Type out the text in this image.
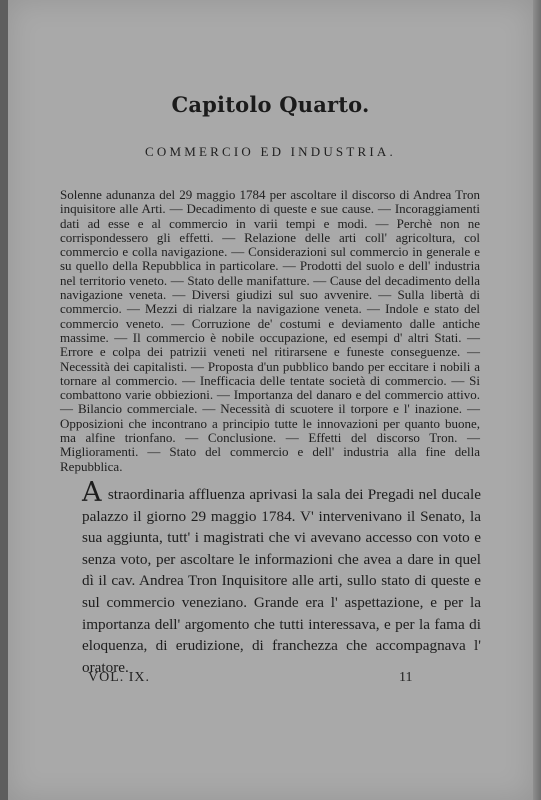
Capitolo Quarto.
COMMERCIO ED INDUSTRIA.

Solenne adunanza del 29 maggio 1784 per ascoltare il discorso di Andrea Tron inquisitore alle Arti. — Decadimento di queste e sue cause. — Incoraggiamenti dati ad esse e al commercio in varii tempi e modi. — Perchè non ne corrispondessero gli effetti. — Relazione delle arti coll' agricoltura, col commercio e colla navigazione. — Considerazioni sul commercio in generale e su quello della Repubblica in particolare. — Prodotti del suolo e dell' industria nel territorio veneto. — Stato delle manifatture. — Cause del decadimento della navigazione veneta. — Diversi giudizi sul suo avvenire. — Sulla libertà di commercio. — Mezzi di rialzare la navigazione veneta. — Indole e stato del commercio veneto. — Corruzione de' costumi e deviamento dalle antiche massime. — Il commercio è nobile occupazione, ed esempi d' altri Stati. — Errore e colpa dei patrizii veneti nel ritirarsene e funeste conseguenze. — Necessità dei capitalisti. — Proposta d'un pubblico bando per eccitare i nobili a tornare al commercio. — Inefficacia delle tentate società di commercio. — Si combattono varie obbiezioni. — Importanza del danaro e del commercio attivo. — Bilancio commerciale. — Necessità di scuotere il torpore e l' inazione. — Opposizioni che incontrano a principio tutte le innovazioni per quanto buone, ma alfine trionfano. — Conclusione. — Effetti del discorso Tron. — Miglioramenti. — Stato del commercio e dell' industria alla fine della Repubblica.

A straordinaria affluenza aprivasi la sala dei Pregadi nel ducale palazzo il giorno 29 maggio 1784. V' intervenivano il Senato, la sua aggiunta, tutt' i magistrati che vi avevano accesso con voto e senza voto, per ascoltare le informazioni che avea a dare in quel dì il cav. Andrea Tron Inquisitore alle arti, sullo stato di queste e sul commercio veneziano. Grande era l' aspettazione, e per la importanza dell' argomento che tutti interessava, e per la fama di eloquenza, di erudizione, di franchezza che accompagnava l' oratore.

VOL. IX.	11
